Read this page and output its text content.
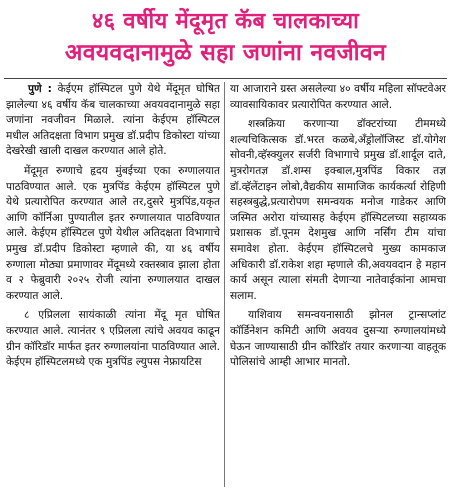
४६ वर्षीय मेंदूमृत कॅब चालकाच्या
अवयवदानामुळे सहा जणांना नवजीवन

पुणे : केईएम हॉस्पिटल पुणे येथे मेंदूमृत घोषित झालेल्या ४६ वर्षीय कॅब चालकाच्या अवयवदानामुळे सहा जणांना नवजीवन मिळाले. त्यांना केईएम हॉस्पिटल मधील अतिदक्षता विभाग प्रमुख डॉ.प्रदीप डिकोस्टा यांच्या देखरेखी खाली दाखल करण्यात आले होते.

मेंदूमृत रुग्णाचे हृदय मुंबईच्या एका रुग्णालयात पाठविण्यात आले. एक मुत्रपिंड केईएम हॉस्पिटल पुणे येथे प्रत्यारोपित करण्यात आले तर,दुसरे मुत्रपिंड,यकृत आणि कॉर्निआ पुण्यातील इतर रुग्णालयात पाठविण्यात आले. केईएम हॉस्पिटल पुणे येथील अतिदक्षता विभागाचे प्रमुख डॉ.प्रदीप डिकोस्टा म्हणाले की, या ४६ वर्षीय रुग्णाला मोठ्या प्रमाणावर मेंदूमध्ये रक्तस्त्राव झाला होता व २ फेब्रुवारी २०२५ रोजी त्यांना रुग्णालयात दाखल करण्यात आले.

८ एप्रिलला सायंकाळी त्यांना मेंदू मृत घोषित करण्यात आले. त्यानंतर ९ एप्रिलला त्यांचे अवयव काढून ग्रीन कॉरिडॉर मार्फत इतर रुग्णालयांना पाठविण्यात आले. केईएम हॉस्पिटलमध्ये एक मुत्रपिंड ल्युपस नेफ्रायटिस

या आजाराने ग्रस्त असलेल्या ४० वर्षीय महिला सॉफ्टवेअर व्यावसायिकावर प्रत्यारोपित करण्यात आले.

शस्त्रक्रिया करणाऱ्या डॉक्टरांच्या टीममध्ये शल्यचिकित्सक डॉ.भरत कळबे,अँड्रोलॉजिस्ट डॉ.योगेश सोवनी,व्हॅस्क्युलर सर्जरी विभागाचे प्रमुख डॉ.शार्दूल दाते, मुत्ररोगतज्ञ डॉ.शम्स इक्बाल,मुत्रपिंड विकार तज्ञ डॉ.व्हॅलेंटाइन लोबो,वैद्यकीय सामाजिक कार्यकर्त्या रोहिणी सहस्त्रबुद्धे,प्रत्यारोपण समन्वयक मनोज गाडेकर आणि जस्मित अरोरा यांच्यासह केईएम हॉस्पिटलच्या सहाय्यक प्रशासक डॉ.पूनम देशमुख आणि नर्सिंग टीम यांचा समावेश होता. केईएम हॉस्पिटलचे मुख्य कामकाज अधिकारी डॉ.राकेश शहा म्हणाले की,अवयवदान हे महान कार्य असून त्याला संमती देणाऱ्या नातेवाईकांना आमचा सलाम.

याशिवाय समन्वयनासाठी झोनल ट्रान्सप्लांट कॉर्डिनेशन कमिटी आणि अवयव दुसऱ्या रुग्णालयांमध्ये घेऊन जाण्यासाठी ग्रीन कॉरिडॉर तयार करणाऱ्या वाहतूक पोलिसांचे आम्ही आभार मानतो.
